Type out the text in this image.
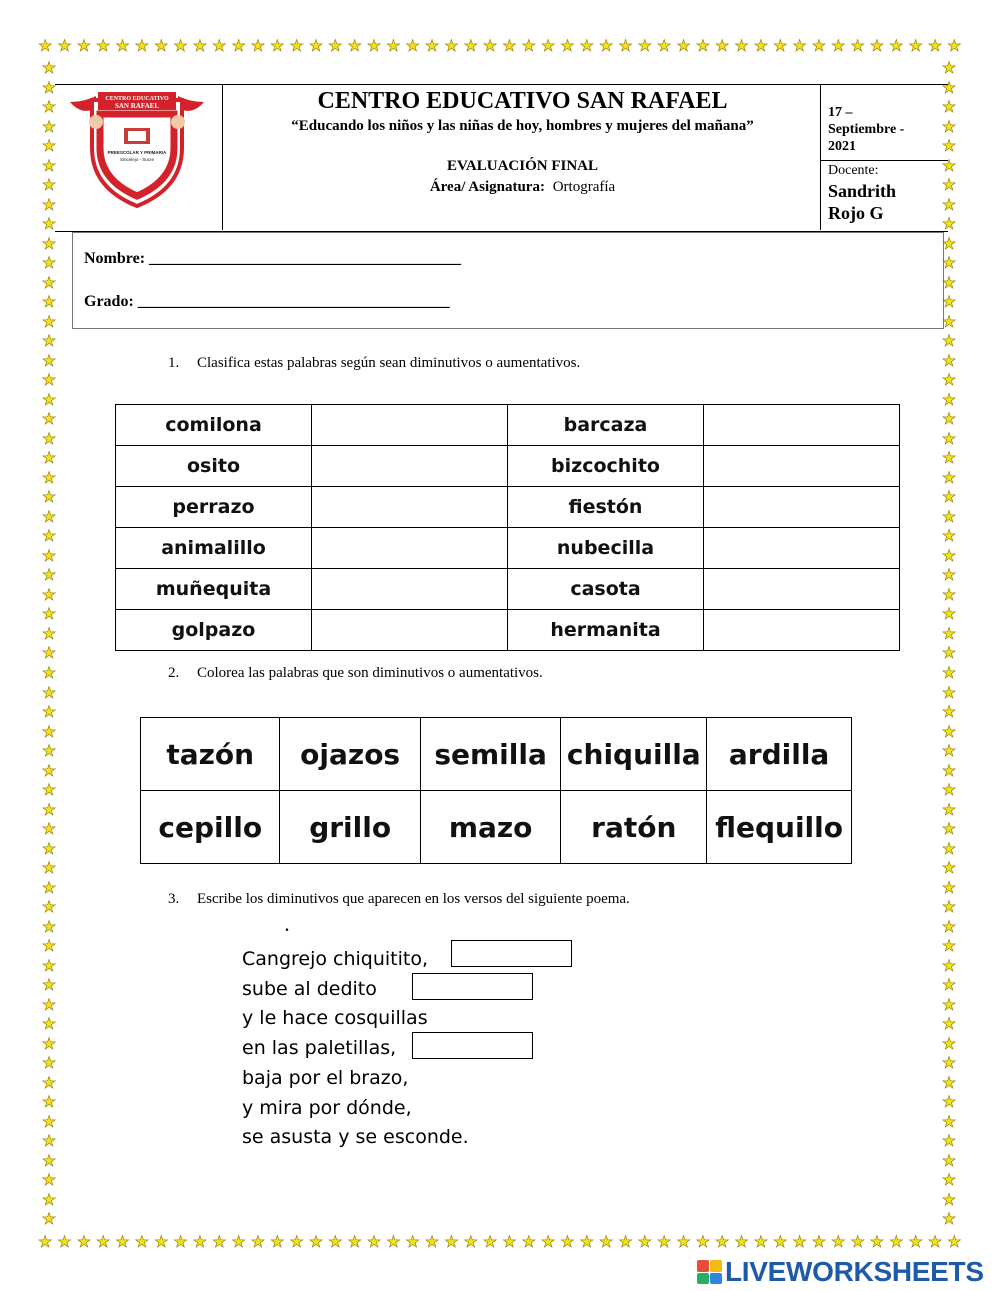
★ ★ ★ ★ ★ ★ ★ ★ ★ ★ ★ ★ ★ ★ ★ ★ ★ ★ ★ ★ ★ ★ ★ ★ ★ ★ ★ ★ ★ ★ ★ ★ ★ ★ ★ ★ ★ ★ ★ ★ ★ ★ ★ ★ ★ ★ ★ ★
★ ★ ★ ★ ★ ★ ★ ★ ★ ★ ★ ★ ★ ★ ★ ★ ★ ★ ★ ★ ★ ★ ★ ★ ★ ★ ★ ★ ★ ★ ★ ★ ★ ★ ★ ★ ★ ★ ★ ★ ★ ★ ★ ★ ★ ★ ★ ★
★
★
★
★
★
★
★
★
★
★
★
★
★
★
★
★
★
★
★
★
★
★
★
★
★
★
★
★
★
★
★
★
★
★
★
★
★
★
★
★
★
★
★
★
★
★
★
★
★
★
★
★
★
★
★
★
★
★
★
★
★
★
★
★
★
★
★
★
★
★
★
★
★
★
★
★
★
★
★
★
★
★
★
★
★
★
★
★
★
★
★
★
★
★
★
★
★
★
★
★
★
★
★
★
★
★
★
★
★
★
★
★
★
★
★
★
★
★
★
★
CENTRO EDUCATIVO
SAN RAFAEL
PREESCOLAR Y PRIMARIA
Sincelejo - Sucre
CENTRO EDUCATIVO SAN RAFAEL
“Educando los niños y las niñas de hoy, hombres y mujeres del mañana”
EVALUACIÓN FINAL
Área/ Asignatura: Ortografía
17 –
Septiembre -
2021
Docente:
Sandrith
Rojo G
Nombre: _______________________________________
Grado: _______________________________________
1. Clasifica estas palabras según sean diminutivos o aumentativos.
comilona		barcaza	
osito		bizcochito	
perrazo		fiestón	
animalillo		nubecilla	
muñequita		casota	
golpazo		hermanita	
2. Colorea las palabras que son diminutivos o aumentativos.
tazón	ojazos	semilla	chiquilla	ardilla
cepillo	grillo	mazo	ratón	flequillo
3. Escribe los diminutivos que aparecen en los versos del siguiente poema.
.
Cangrejo chiquitito,
sube al dedito
y le hace cosquillas
en las paletillas,
baja por el brazo,
y mira por dónde,
se asusta y se esconde.
LIVEWORKSHEETS
